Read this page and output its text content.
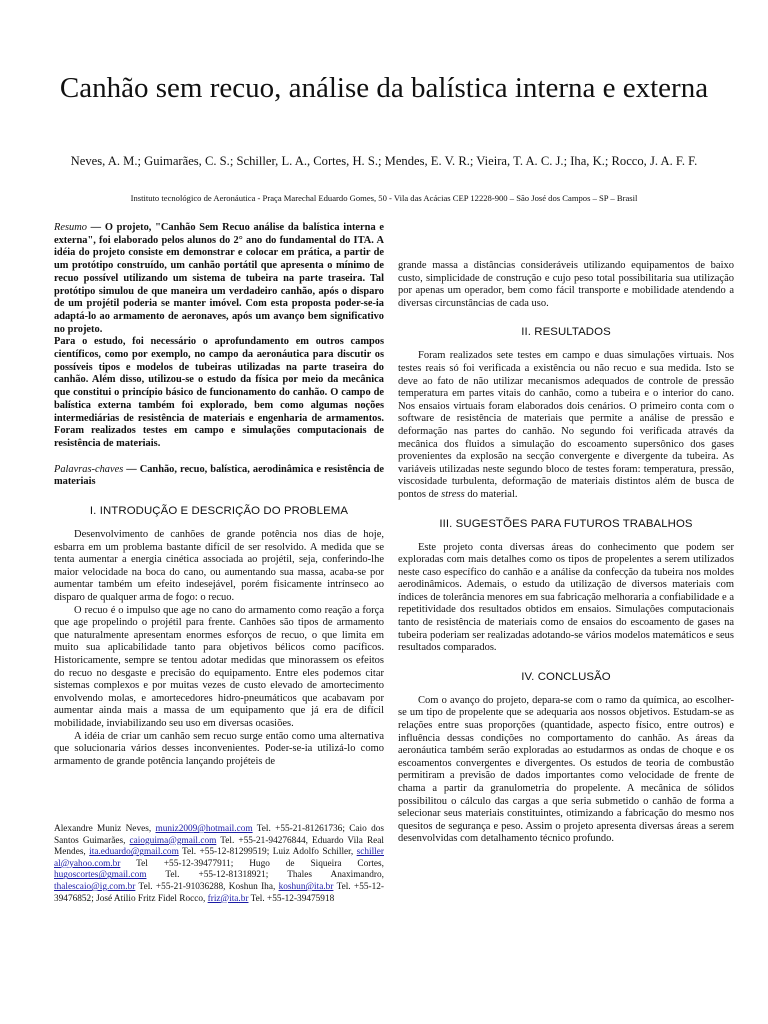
Canhão sem recuo, análise da balística interna e externa

Neves, A. M.; Guimarães, C. S.; Schiller, L. A., Cortes, H. S.; Mendes, E. V. R.; Vieira, T. A. C. J.; Iha, K.; Rocco, J. A. F. F.

Instituto tecnológico de Aeronáutica - Praça Marechal Eduardo Gomes, 50 - Vila das Acácias CEP 12228-900 – São José dos Campos – SP – Brasil

Resumo — O projeto, "Canhão Sem Recuo análise da balística interna e externa", foi elaborado pelos alunos do 2° ano do fundamental do ITA. A idéia do projeto consiste em demonstrar e colocar em prática, a partir de um protótipo construído, um canhão portátil que apresenta o mínimo de recuo possível utilizando um sistema de tubeira na parte traseira. Tal protótipo simulou de que maneira um verdadeiro canhão, após o disparo de um projétil poderia se manter imóvel. Com esta proposta poder-se-ia adaptá-lo ao armamento de aeronaves, após um avanço bem significativo no projeto.

Para o estudo, foi necessário o aprofundamento em outros campos científicos, como por exemplo, no campo da aeronáutica para discutir os possíveis tipos e modelos de tubeiras utilizadas na parte traseira do canhão. Além disso, utilizou-se o estudo da física por meio da mecânica que constitui o princípio básico de funcionamento do canhão. O campo de balística externa também foi explorado, bem como algumas noções intermediárias de resistência de materiais e engenharia de armamentos. Foram realizados testes em campo e simulações computacionais de resistência de materiais.

Palavras-chaves — Canhão, recuo, balística, aerodinâmica e resistência de materiais

I. INTRODUÇÃO E DESCRIÇÃO DO PROBLEMA

Desenvolvimento de canhões de grande potência nos dias de hoje, esbarra em um problema bastante difícil de ser resolvido. A medida que se tenta aumentar a energia cinética associada ao projétil, seja, conferindo-lhe maior velocidade na boca do cano, ou aumentando sua massa, acaba-se por aumentar também um efeito indesejável, porém fisicamente intrínseco ao disparo de qualquer arma de fogo: o recuo.

O recuo é o impulso que age no cano do armamento como reação a força que age propelindo o projétil para frente. Canhões são tipos de armamento que naturalmente apresentam enormes esforços de recuo, o que limita em muito sua aplicabilidade tanto para objetivos bélicos como pacíficos. Historicamente, sempre se tentou adotar medidas que minorassem os efeitos do recuo no desgaste e precisão do equipamento. Entre eles podemos citar sistemas complexos e por muitas vezes de custo elevado de amortecimento envolvendo molas, e amortecedores hidro-pneumáticos que acabavam por aumentar ainda mais a massa de um equipamento que já era de difícil mobilidade, inviabilizando seu uso em diversas ocasiões.

A idéia de criar um canhão sem recuo surge então como uma alternativa que solucionaria vários desses inconvenientes. Poder-se-ia utilizá-lo como armamento de grande potência lançando projéteis de

Alexandre Muniz Neves, muniz2009@hotmail.com Tel. +55-21-81261736; Caio dos Santos Guimarães, caioguima@gmail.com Tel. +55-21-94276844, Eduardo Vila Real Mendes, ita.eduardo@gmail.com Tel. +55-12-81299519; Luiz Adolfo Schiller, schiller al@yahoo.com.br Tel +55-12-39477911; Hugo de Siqueira Cortes, hugoscortes@gmail.com Tel. +55-12-81318921; Thales Anaximandro, thalescaio@ig.com.br Tel. +55-21-91036288, Koshun Iha, koshun@ita.br Tel. +55-12-39476852; José Atilio Fritz Fidel Rocco, friz@ita.br Tel. +55-12-39475918

grande massa a distâncias consideráveis utilizando equipamentos de baixo custo, simplicidade de construção e cujo peso total possibilitaria sua utilização por apenas um operador, bem como fácil transporte e mobilidade atendendo a diversas circunstâncias de cada uso.

II. RESULTADOS

Foram realizados sete testes em campo e duas simulações virtuais. Nos testes reais só foi verificada a existência ou não recuo e sua medida. Isto se deve ao fato de não utilizar mecanismos adequados de controle de pressão temperatura em partes vitais do canhão, como a tubeira e o interior do cano. Nos ensaios virtuais foram elaborados dois cenários. O primeiro conta com o software de resistência de materiais que permite a análise de pressão e deformação nas partes do canhão. No segundo foi verificada através da mecânica dos fluidos a simulação do escoamento supersônico dos gases provenientes da explosão na secção convergente e divergente da tubeira. As variáveis utilizadas neste segundo bloco de testes foram: temperatura, pressão, viscosidade turbulenta, deformação de materiais distintos além de busca de pontos de stress do material.

III. SUGESTÕES PARA FUTUROS TRABALHOS

Este projeto conta diversas áreas do conhecimento que podem ser exploradas com mais detalhes como os tipos de propelentes a serem utilizados neste caso específico do canhão e a análise da confecção da tubeira nos moldes aerodinâmicos. Ademais, o estudo da utilização de diversos materiais com índices de tolerância menores em sua fabricação melhoraria a confiabilidade e a repetitividade dos resultados obtidos em ensaios. Simulações computacionais tanto de resistência de materiais como de ensaios do escoamento de gases na tubeira poderiam ser realizadas adotando-se vários modelos matemáticos e seus resultados comparados.

IV. CONCLUSÃO

Com o avanço do projeto, depara-se com o ramo da química, ao escolher-se um tipo de propelente que se adequaria aos nossos objetivos. Estudam-se as relações entre suas proporções (quantidade, aspecto físico, entre outros) e influência dessas condições no comportamento do canhão. As áreas da aeronáutica também serão exploradas ao estudarmos as ondas de choque e os escoamentos convergentes e divergentes. Os estudos de teoria de combustão permitiram a previsão de dados importantes como velocidade de frente de chama a partir da granulometria do propelente. A mecânica de sólidos possibilitou o cálculo das cargas a que seria submetido o canhão de forma a selecionar seus materiais constituintes, otimizando a fabricação do mesmo nos quesitos de segurança e peso. Assim o projeto apresenta diversas áreas a serem desenvolvidas com detalhamento técnico profundo.
